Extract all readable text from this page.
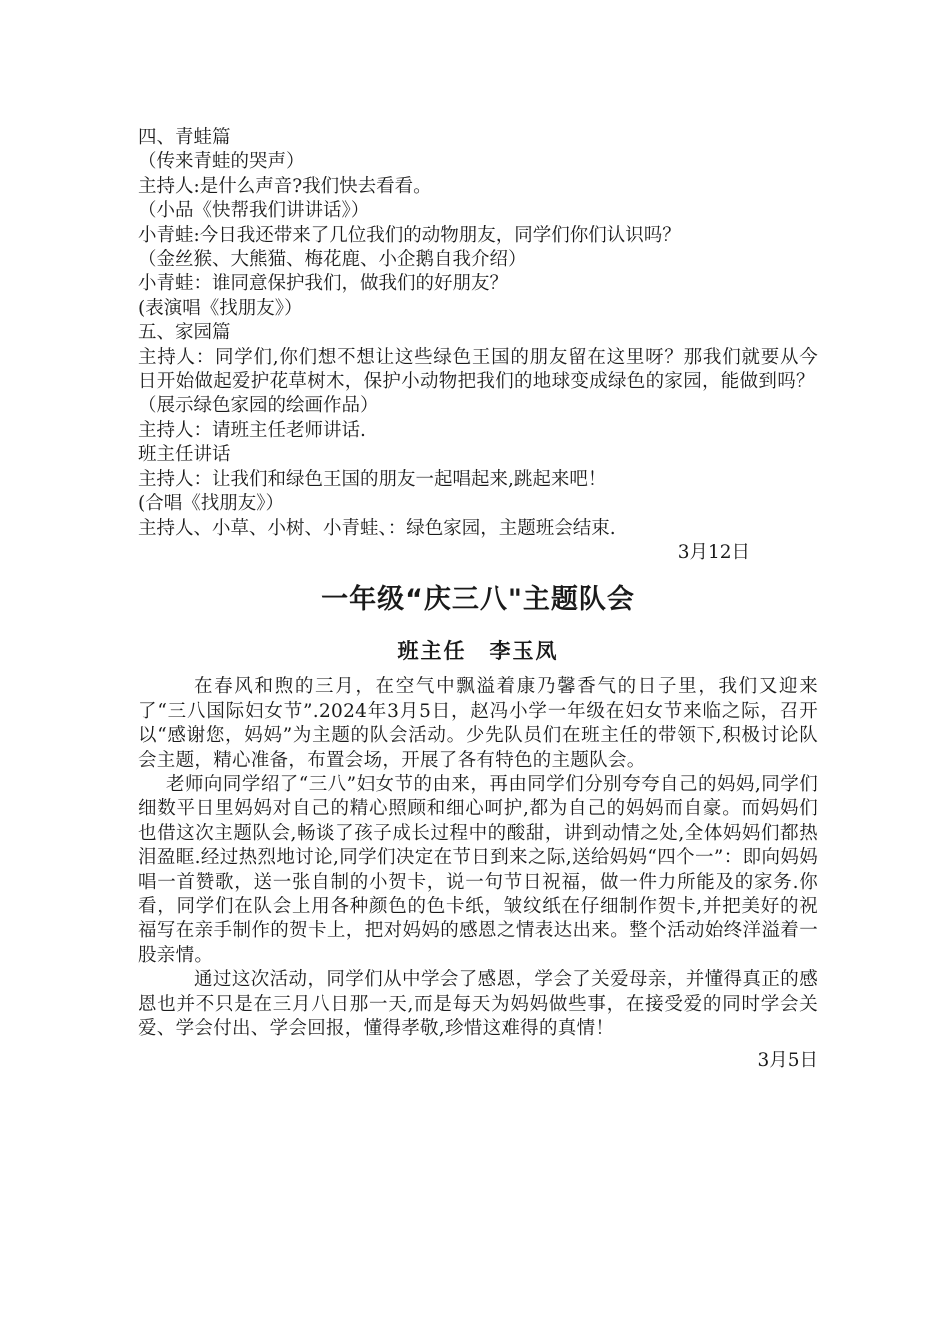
四、青蛙篇

（传来青蛙的哭声）

主持人:是什么声音?我们快去看看。

（小品《快帮我们讲讲话》）

小青蛙:今日我还带来了几位我们的动物朋友，同学们你们认识吗？

（金丝猴、大熊猫、梅花鹿、小企鹅自我介绍）

小青蛙：谁同意保护我们，做我们的好朋友？

(表演唱《找朋友》）

五、家园篇

主持人：同学们,你们想不想让这些绿色王国的朋友留在这里呀？那我们就要从今日开始做起爱护花草树木，保护小动物把我们的地球变成绿色的家园，能做到吗？

（展示绿色家园的绘画作品）

主持人：请班主任老师讲话.

班主任讲话

主持人：让我们和绿色王国的朋友一起唱起来,跳起来吧！

(合唱《找朋友》）

主持人、小草、小树、小青蛙、：绿色家园，主题班会结束.

3月12日

一年级“庆三八"主题队会
班主任　李玉凤

在春风和煦的三月，在空气中飘溢着康乃馨香气的日子里，我们又迎来了“三八国际妇女节”.2024年3月5日，赵冯小学一年级在妇女节来临之际，召开以“感谢您，妈妈”为主题的队会活动。少先队员们在班主任的带领下,积极讨论队会主题，精心准备，布置会场，开展了各有特色的主题队会。

老师向同学绍了“三八”妇女节的由来，再由同学们分别夸夸自己的妈妈,同学们细数平日里妈妈对自己的精心照顾和细心呵护,都为自己的妈妈而自豪。而妈妈们也借这次主题队会,畅谈了孩子成长过程中的酸甜，讲到动情之处,全体妈妈们都热泪盈眶.经过热烈地讨论,同学们决定在节日到来之际,送给妈妈“四个一”：即向妈妈唱一首赞歌，送一张自制的小贺卡，说一句节日祝福，做一件力所能及的家务.你看，同学们在队会上用各种颜色的色卡纸，皱纹纸在仔细制作贺卡,并把美好的祝福写在亲手制作的贺卡上，把对妈妈的感恩之情表达出来。整个活动始终洋溢着一股亲情。

通过这次活动，同学们从中学会了感恩，学会了关爱母亲，并懂得真正的感恩也并不只是在三月八日那一天,而是每天为妈妈做些事，在接受爱的同时学会关爱、学会付出、学会回报，懂得孝敬,珍惜这难得的真情！

3月5日
